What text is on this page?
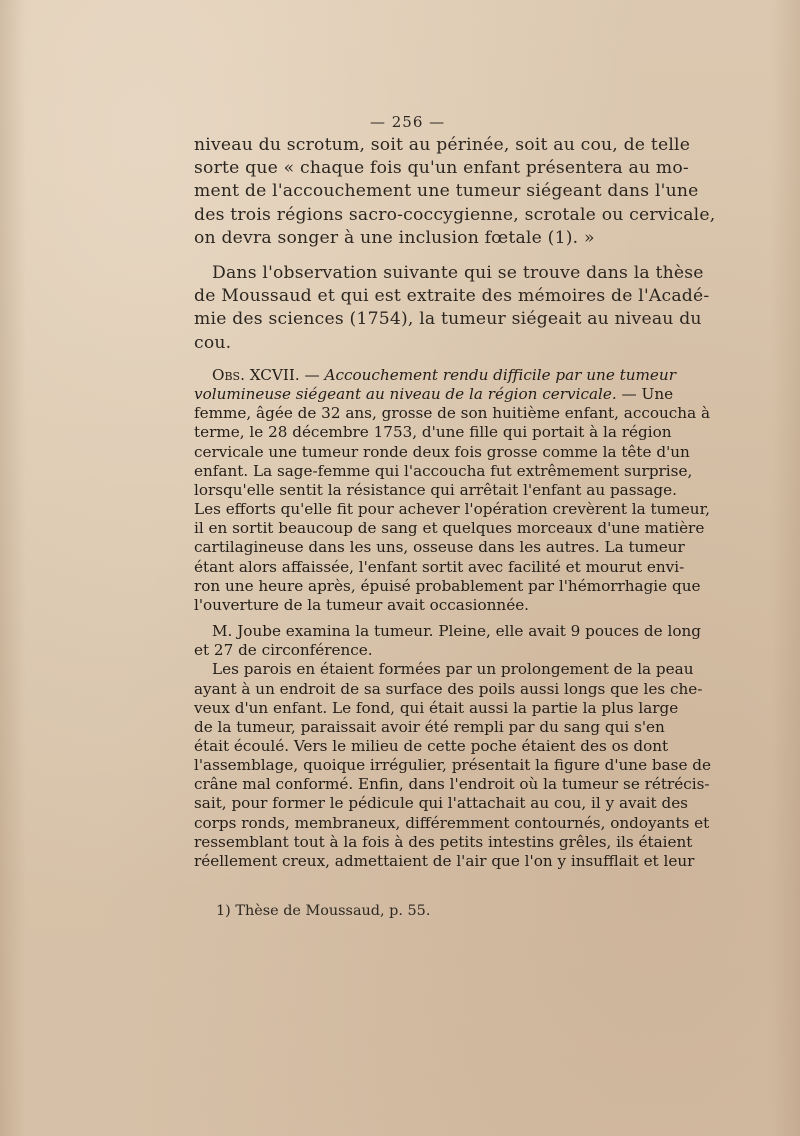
— 256 —
niveau du scrotum, soit au périnée, soit au cou, de telle
sorte que « chaque fois qu'un enfant présentera au mo-
ment de l'accouchement une tumeur siégeant dans l'une
des trois régions sacro-coccygienne, scrotale ou cervicale,
on devra songer à une inclusion fœtale (1). »
Dans l'observation suivante qui se trouve dans la thèse
de Moussaud et qui est extraite des mémoires de l'Acadé-
mie des sciences (1754), la tumeur siégeait au niveau du
cou.
Obs. XCVII. — Accouchement rendu difficile par une tumeur
volumineuse siégeant au niveau de la région cervicale. — Une
femme, âgée de 32 ans, grosse de son huitième enfant, accoucha à
terme, le 28 décembre 1753, d'une fille qui portait à la région
cervicale une tumeur ronde deux fois grosse comme la tête d'un
enfant. La sage-femme qui l'accoucha fut extrêmement surprise,
lorsqu'elle sentit la résistance qui arrêtait l'enfant au passage.
Les efforts qu'elle fit pour achever l'opération crevèrent la tumeur,
il en sortit beaucoup de sang et quelques morceaux d'une matière
cartilagineuse dans les uns, osseuse dans les autres. La tumeur
étant alors affaissée, l'enfant sortit avec facilité et mourut envi-
ron une heure après, épuisé probablement par l'hémorrhagie que
l'ouverture de la tumeur avait occasionnée.
M. Joube examina la tumeur. Pleine, elle avait 9 pouces de long
et 27 de circonférence.
Les parois en étaient formées par un prolongement de la peau
ayant à un endroit de sa surface des poils aussi longs que les che-
veux d'un enfant. Le fond, qui était aussi la partie la plus large
de la tumeur, paraissait avoir été rempli par du sang qui s'en
était écoulé. Vers le milieu de cette poche étaient des os dont
l'assemblage, quoique irrégulier, présentait la figure d'une base de
crâne mal conformé. Enfin, dans l'endroit où la tumeur se rétrécis-
sait, pour former le pédicule qui l'attachait au cou, il y avait des
corps ronds, membraneux, différemment contournés, ondoyants et
ressemblant tout à la fois à des petits intestins grêles, ils étaient
réellement creux, admettaient de l'air que l'on y insufflait et leur
1) Thèse de Moussaud, p. 55.
